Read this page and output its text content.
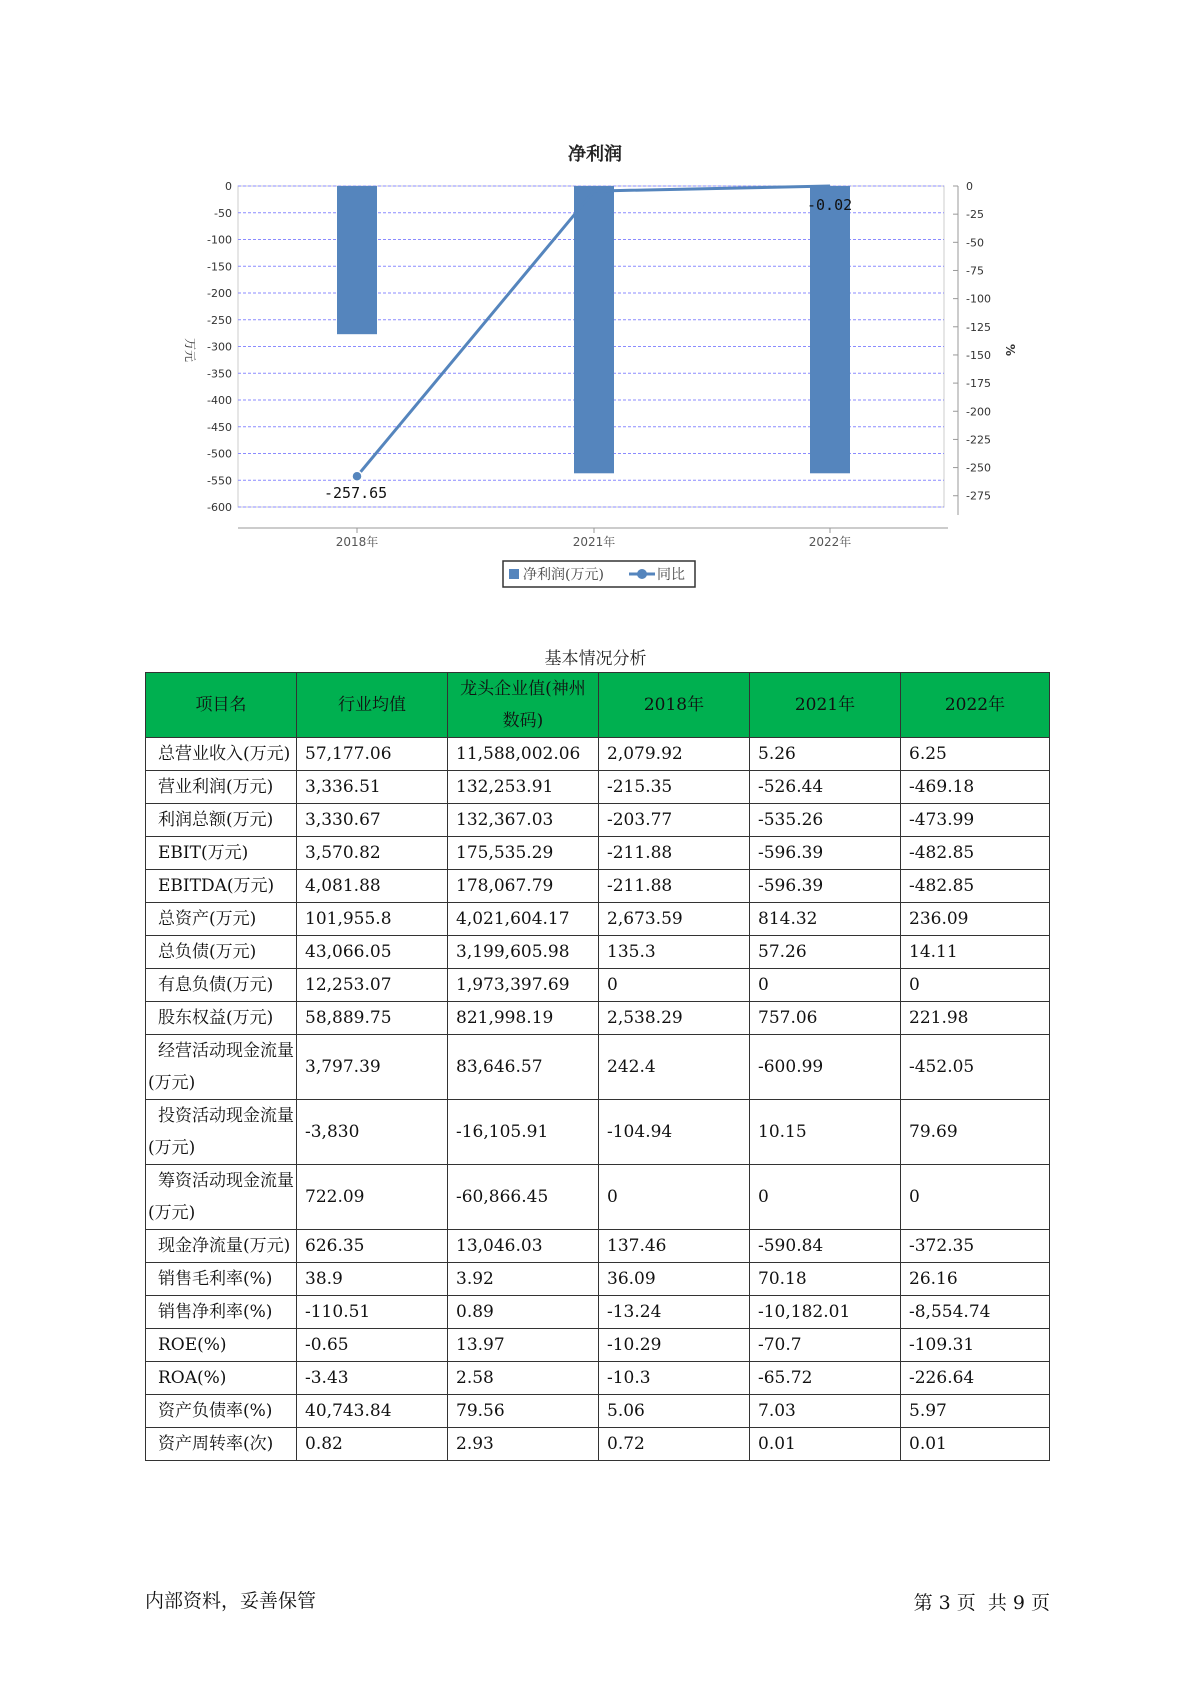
净利润
0
-50
-100
-150
-200
-250
-300
-350
-400
-450
-500
-550
-600
0
-25
-50
-75
-100
-125
-150
-175
-200
-225
-250
-275
万元	%
2018年	2021年	2022年
-257.65
-0.02
净利润(万元)	同比
基本情况分析
项目名	行业均值	龙头企业值(神州数码)	2018年	2021年	2022年
总营业收入(万元)	57,177.06	11,588,002.06	2,079.92	5.26	6.25
营业利润(万元)	3,336.51	132,253.91	-215.35	-526.44	-469.18
利润总额(万元)	3,330.67	132,367.03	-203.77	-535.26	-473.99
EBIT(万元)	3,570.82	175,535.29	-211.88	-596.39	-482.85
EBITDA(万元)	4,081.88	178,067.79	-211.88	-596.39	-482.85
总资产(万元)	101,955.8	4,021,604.17	2,673.59	814.32	236.09
总负债(万元)	43,066.05	3,199,605.98	135.3	57.26	14.11
有息负债(万元)	12,253.07	1,973,397.69	0	0	0
股东权益(万元)	58,889.75	821,998.19	2,538.29	757.06	221.98
经营活动现金流量(万元)	3,797.39	83,646.57	242.4	-600.99	-452.05
投资活动现金流量(万元)	-3,830	-16,105.91	-104.94	10.15	79.69
筹资活动现金流量(万元)	722.09	-60,866.45	0	0	0
现金净流量(万元)	626.35	13,046.03	137.46	-590.84	-372.35
销售毛利率(%)	38.9	3.92	36.09	70.18	26.16
销售净利率(%)	-110.51	0.89	-13.24	-10,182.01	-8,554.74
ROE(%)	-0.65	13.97	-10.29	-70.7	-109.31
ROA(%)	-3.43	2.58	-10.3	-65.72	-226.64
资产负债率(%)	40,743.84	79.56	5.06	7.03	5.97
资产周转率(次)	0.82	2.93	0.72	0.01	0.01
内部资料，妥善保管	第 3 页  共 9 页
